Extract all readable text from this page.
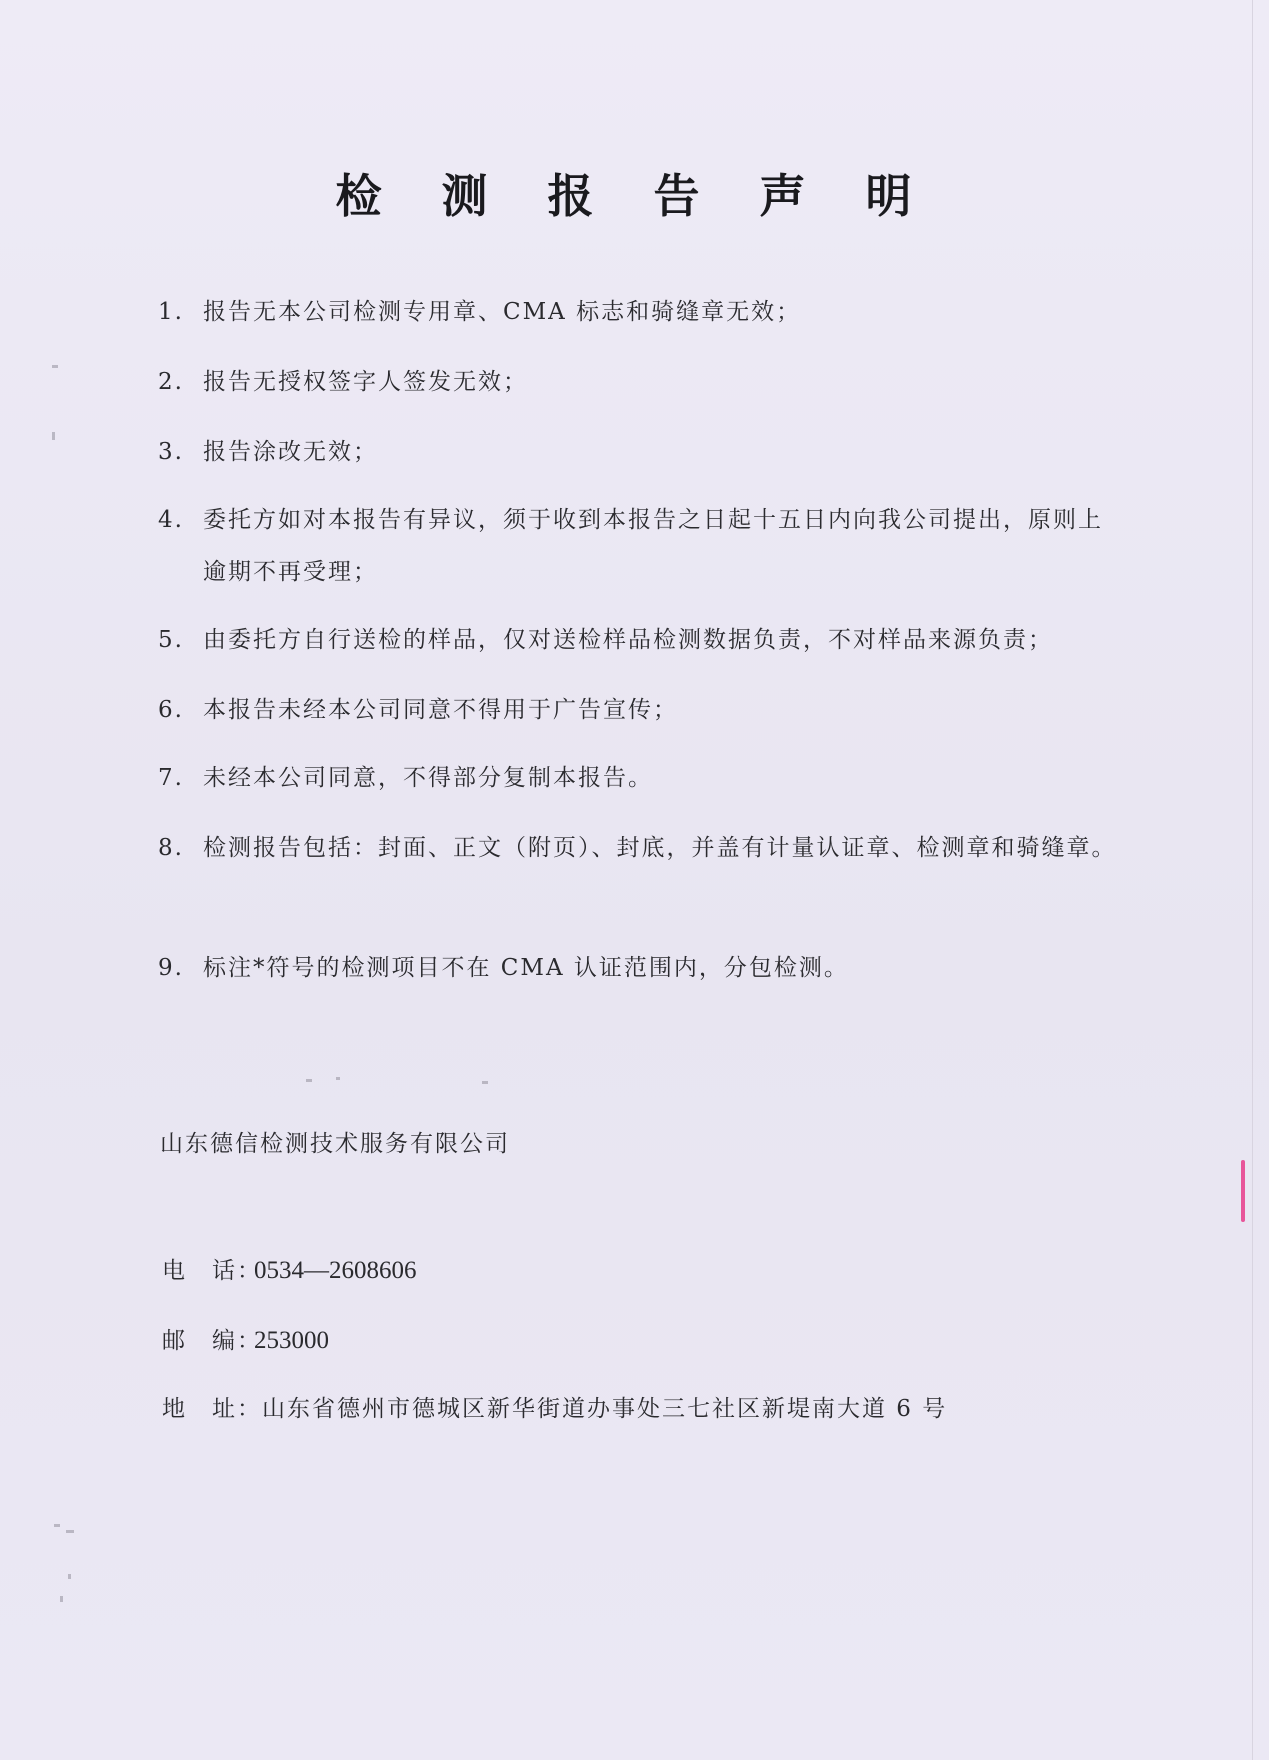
检 测 报 告 声 明
1. 报告无本公司检测专用章、CMA 标志和骑缝章无效；
2. 报告无授权签字人签发无效；
3. 报告涂改无效；
4. 委托方如对本报告有异议，须于收到本报告之日起十五日内向我公司提出，原则上逾期不再受理；
5. 由委托方自行送检的样品，仅对送检样品检测数据负责，不对样品来源负责；
6. 本报告未经本公司同意不得用于广告宣传；
7. 未经本公司同意，不得部分复制本报告。
8. 检测报告包括：封面、正文（附页）、封底，并盖有计量认证章、检测章和骑缝章。
9. 标注*符号的检测项目不在 CMA 认证范围内，分包检测。
山东德信检测技术服务有限公司
电　话：0534—2608606
邮　编：253000
地　址：山东省德州市德城区新华街道办事处三七社区新堤南大道 6 号
